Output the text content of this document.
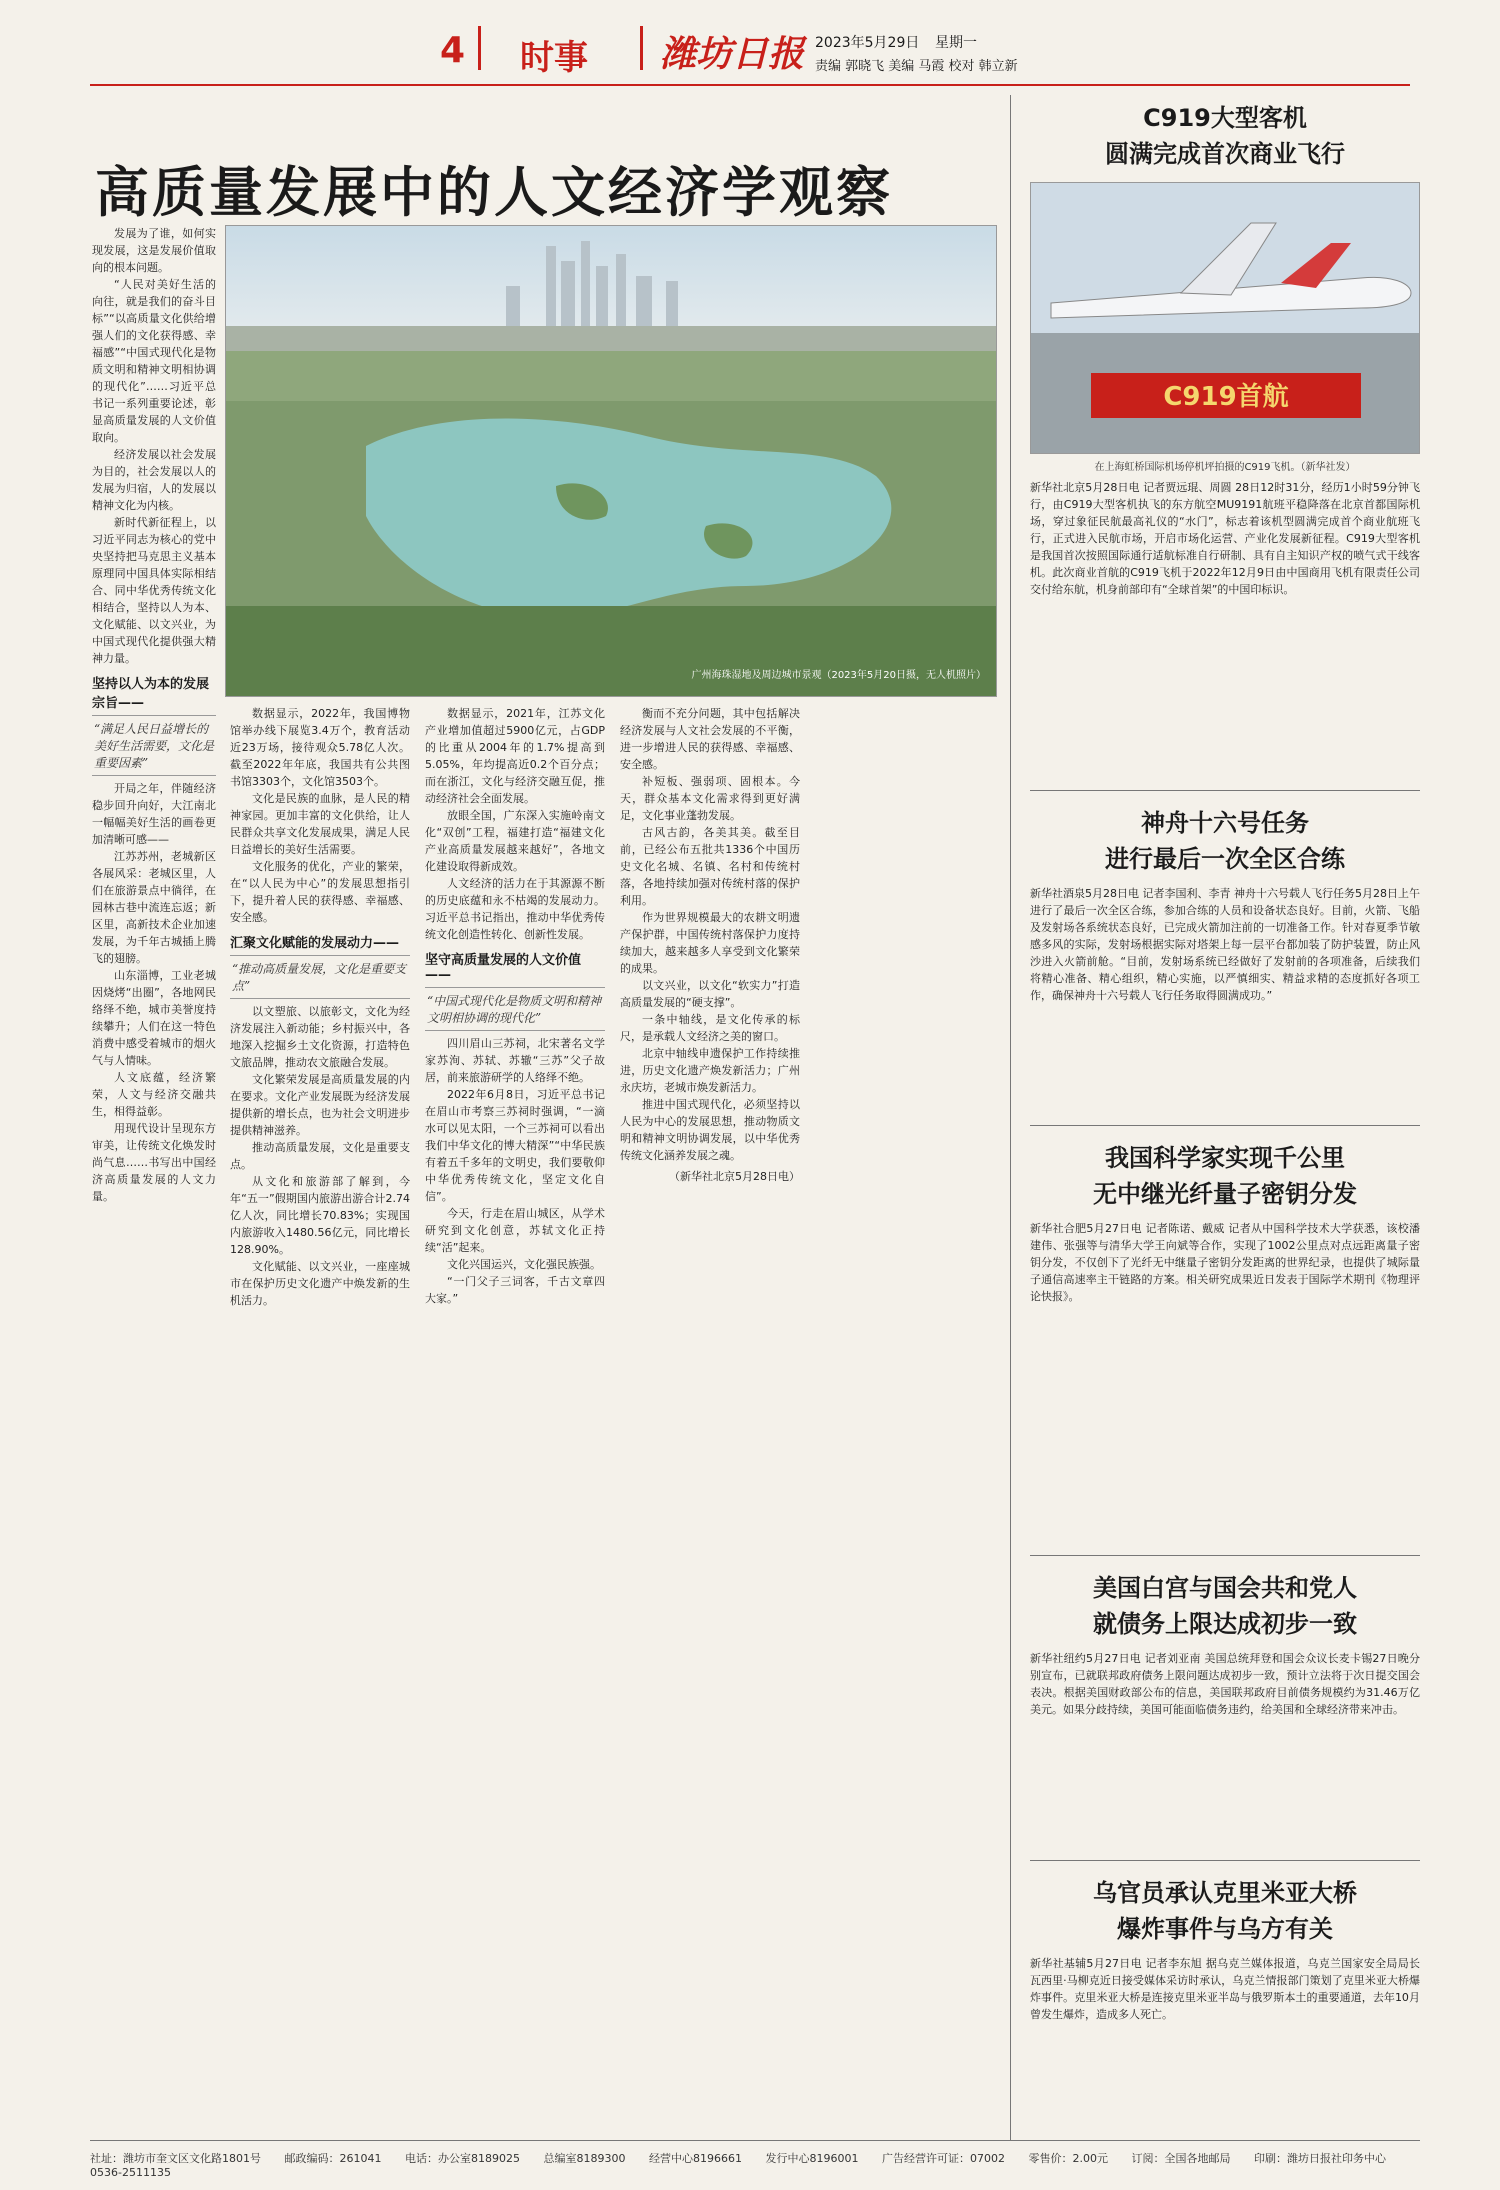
4 时事 潍坊日报 2023年5月29日 星期一
责编 郭晓飞 美编 马霞 校对 韩立新
高质量发展中的人文经济学观察
广州海珠湿地及周边城市景观（2023年5月20日摄，无人机照片）

发展为了谁，如何实现发展，这是发展价值取向的根本问题。

“人民对美好生活的向往，就是我们的奋斗目标”“以高质量文化供给增强人们的文化获得感、幸福感”“中国式现代化是物质文明和精神文明相协调的现代化”……习近平总书记一系列重要论述，彰显高质量发展的人文价值取向。

经济发展以社会发展为目的，社会发展以人的发展为归宿，人的发展以精神文化为内核。

新时代新征程上，以习近平同志为核心的党中央坚持把马克思主义基本原理同中国具体实际相结合、同中华优秀传统文化相结合，坚持以人为本、文化赋能、以文兴业，为中国式现代化提供强大精神力量。

坚持以人为本的发展宗旨——
“满足人民日益增长的美好生活需要，文化是重要因素”

开局之年，伴随经济稳步回升向好，大江南北一幅幅美好生活的画卷更加清晰可感——

江苏苏州，老城新区各展风采：老城区里，人们在旅游景点中徜徉，在园林古巷中流连忘返；新区里，高新技术企业加速发展，为千年古城插上腾飞的翅膀。

山东淄博，工业老城因烧烤“出圈”，各地网民络绎不绝，城市美誉度持续攀升；人们在这一特色消费中感受着城市的烟火气与人情味。

人文底蕴，经济繁荣，人文与经济交融共生，相得益彰。

用现代设计呈现东方审美，让传统文化焕发时尚气息……书写出中国经济高质量发展的人文力量。

数据显示，2022年，我国博物馆举办线下展览3.4万个，教育活动近23万场，接待观众5.78亿人次。截至2022年年底，我国共有公共图书馆3303个，文化馆3503个。

文化是民族的血脉，是人民的精神家园。更加丰富的文化供给，让人民群众共享文化发展成果，满足人民日益增长的美好生活需要。

文化服务的优化，产业的繁荣，在“以人民为中心”的发展思想指引下，提升着人民的获得感、幸福感、安全感。

汇聚文化赋能的发展动力——
“推动高质量发展，文化是重要支点”

以文塑旅、以旅彰文，文化为经济发展注入新动能；乡村振兴中，各地深入挖掘乡土文化资源，打造特色文旅品牌，推动农文旅融合发展。

文化繁荣发展是高质量发展的内在要求。文化产业发展既为经济发展提供新的增长点，也为社会文明进步提供精神滋养。

推动高质量发展，文化是重要支点。

从文化和旅游部了解到，今年“五一”假期国内旅游出游合计2.74亿人次，同比增长70.83%；实现国内旅游收入1480.56亿元，同比增长128.90%。

文化赋能、以文兴业，一座座城市在保护历史文化遗产中焕发新的生机活力。

数据显示，2021年，江苏文化产业增加值超过5900亿元，占GDP的比重从2004年的1.7%提高到5.05%，年均提高近0.2个百分点；而在浙江，文化与经济交融互促，推动经济社会全面发展。

放眼全国，广东深入实施岭南文化“双创”工程，福建打造“福建文化产业高质量发展越来越好”，各地文化建设取得新成效。

人文经济的活力在于其源源不断的历史底蕴和永不枯竭的发展动力。习近平总书记指出，推动中华优秀传统文化创造性转化、创新性发展。

坚守高质量发展的人文价值——
“中国式现代化是物质文明和精神文明相协调的现代化”

四川眉山三苏祠，北宋著名文学家苏洵、苏轼、苏辙“三苏”父子故居，前来旅游研学的人络绎不绝。

2022年6月8日，习近平总书记在眉山市考察三苏祠时强调，“一滴水可以见太阳，一个三苏祠可以看出我们中华文化的博大精深”“中华民族有着五千多年的文明史，我们要敬仰中华优秀传统文化，坚定文化自信”。

今天，行走在眉山城区，从学术研究到文化创意，苏轼文化正持续“活”起来。

文化兴国运兴，文化强民族强。

“一门父子三词客，千古文章四大家。”

衡而不充分问题，其中包括解决经济发展与人文社会发展的不平衡，进一步增进人民的获得感、幸福感、安全感。

补短板、强弱项、固根本。今天，群众基本文化需求得到更好满足，文化事业蓬勃发展。

古风古韵，各美其美。截至目前，已经公布五批共1336个中国历史文化名城、名镇、名村和传统村落，各地持续加强对传统村落的保护利用。

作为世界规模最大的农耕文明遗产保护群，中国传统村落保护力度持续加大，越来越多人享受到文化繁荣的成果。

以文兴业，以文化“软实力”打造高质量发展的“硬支撑”。

一条中轴线，是文化传承的标尺，是承载人文经济之美的窗口。

北京中轴线申遗保护工作持续推进，历史文化遗产焕发新活力；广州永庆坊，老城市焕发新活力。

推进中国式现代化，必须坚持以人民为中心的发展思想，推动物质文明和精神文明协调发展，以中华优秀传统文化涵养发展之魂。

（新华社北京5月28日电）
C919大型客机
圆满完成首次商业飞行
C919首航
在上海虹桥国际机场停机坪拍摄的C919飞机。（新华社发）
新华社北京5月28日电 记者贾远琨、周圆 28日12时31分，经历1小时59分钟飞行，由C919大型客机执飞的东方航空MU9191航班平稳降落在北京首都国际机场，穿过象征民航最高礼仪的“水门”，标志着该机型圆满完成首个商业航班飞行，正式进入民航市场，开启市场化运营、产业化发展新征程。C919大型客机是我国首次按照国际通行适航标准自行研制、具有自主知识产权的喷气式干线客机。此次商业首航的C919飞机于2022年12月9日由中国商用飞机有限责任公司交付给东航，机身前部印有“全球首架”的中国印标识。
神舟十六号任务
进行最后一次全区合练
新华社酒泉5月28日电 记者李国利、李青 神舟十六号载人飞行任务5月28日上午进行了最后一次全区合练，参加合练的人员和设备状态良好。目前，火箭、飞船及发射场各系统状态良好，已完成火箭加注前的一切准备工作。针对春夏季节敏感多风的实际，发射场根据实际对塔架上每一层平台都加装了防护装置，防止风沙进入火箭前舱。“目前，发射场系统已经做好了发射前的各项准备，后续我们将精心准备、精心组织，精心实施，以严慎细实、精益求精的态度抓好各项工作，确保神舟十六号载人飞行任务取得圆满成功。”
我国科学家实现千公里
无中继光纤量子密钥分发
新华社合肥5月27日电 记者陈诺、戴威 记者从中国科学技术大学获悉，该校潘建伟、张强等与清华大学王向斌等合作，实现了1002公里点对点远距离量子密钥分发，不仅创下了光纤无中继量子密钥分发距离的世界纪录，也提供了城际量子通信高速率主干链路的方案。相关研究成果近日发表于国际学术期刊《物理评论快报》。
美国白宫与国会共和党人
就债务上限达成初步一致
新华社纽约5月27日电 记者刘亚南 美国总统拜登和国会众议长麦卡锡27日晚分别宣布，已就联邦政府债务上限问题达成初步一致，预计立法将于次日提交国会表决。根据美国财政部公布的信息，美国联邦政府目前债务规模约为31.46万亿美元。如果分歧持续，美国可能面临债务违约，给美国和全球经济带来冲击。
乌官员承认克里米亚大桥
爆炸事件与乌方有关
新华社基辅5月27日电 记者李东旭 据乌克兰媒体报道，乌克兰国家安全局局长瓦西里·马柳克近日接受媒体采访时承认，乌克兰情报部门策划了克里米亚大桥爆炸事件。克里米亚大桥是连接克里米亚半岛与俄罗斯本土的重要通道，去年10月曾发生爆炸，造成多人死亡。
社址：潍坊市奎文区文化路1801号 邮政编码：261041 电话：办公室8189025 总编室8189300 经营中心8196661 发行中心8196001 广告经营许可证：07002 零售价：2.00元 订阅：全国各地邮局 印刷：潍坊日报社印务中心 0536-2511135
